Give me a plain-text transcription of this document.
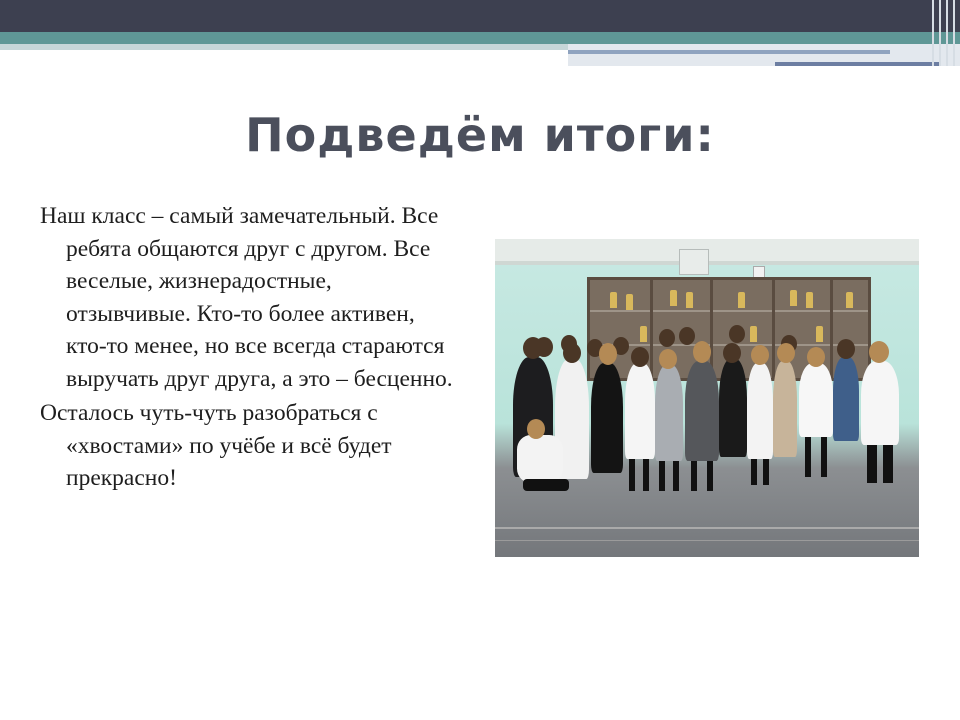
Подведём итоги:

Наш класс – самый замечательный. Все ребята общаются друг с другом. Все веселые, жизнерадостные, отзывчивые. Кто-то более активен, кто-то менее, но все всегда стараются выручать друг друга, а это – бесценно.

Осталось чуть-чуть разобраться с «хвостами» по учёбе и всё будет прекрасно!
